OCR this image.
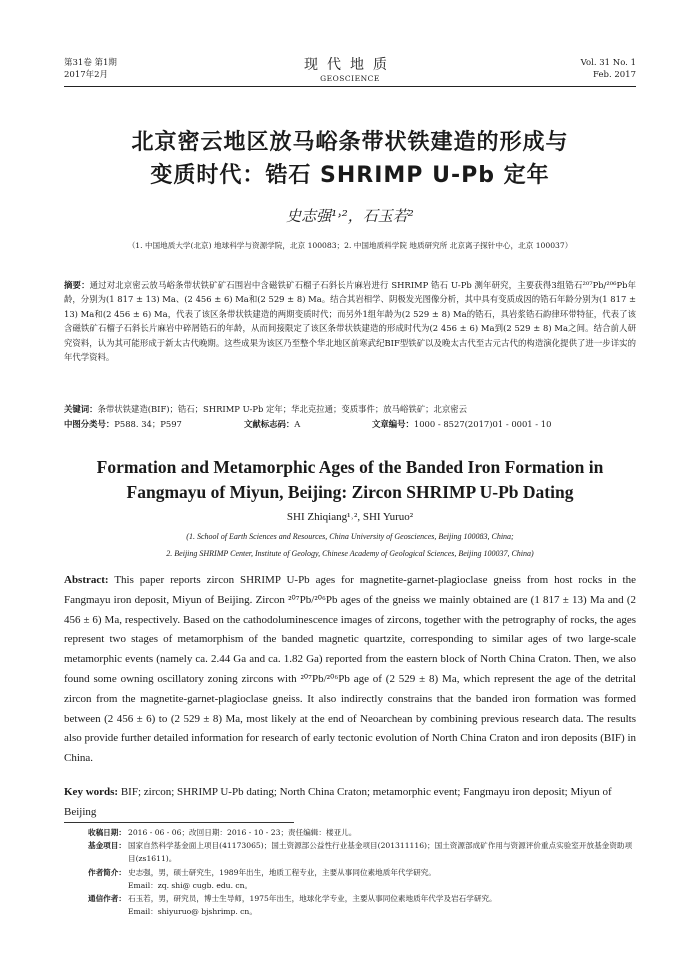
第31卷 第1期
2017年2月
现代地质
GEOSCIENCE
Vol. 31 No. 1
Feb. 2017
北京密云地区放马峪条带状铁建造的形成与
变质时代：锆石 SHRIMP U-Pb 定年
史志强¹˒²，石玉若²
（1. 中国地质大学(北京) 地球科学与资源学院，北京 100083；2. 中国地质科学院 地质研究所 北京离子探针中心，北京 100037）
摘要：通过对北京密云放马峪条带状铁矿矿石围岩中含磁铁矿石榴子石斜长片麻岩进行 SHRIMP 锆石 U-Pb 测年研究，主要获得3组锆石²⁰⁷Pb/²⁰⁶Pb年龄，分别为(1 817 ± 13) Ma、(2 456 ± 6) Ma和(2 529 ± 8) Ma。结合其岩相学、阴极发光图像分析，其中具有变质成因的锆石年龄分别为(1 817 ± 13) Ma和(2 456 ± 6) Ma，代表了该区条带状铁建造的两期变质时代；而另外1组年龄为(2 529 ± 8) Ma的锆石，具岩浆锆石韵律环带特征，代表了该含磁铁矿石榴子石斜长片麻岩中碎屑锆石的年龄，从而间接限定了该区条带状铁建造的形成时代为(2 456 ± 6) Ma到(2 529 ± 8) Ma之间。结合前人研究资料，认为其可能形成于新太古代晚期。这些成果为该区乃至整个华北地区前寒武纪BIF型铁矿以及晚太古代至古元古代的构造演化提供了进一步详实的年代学资料。
关键词：条带状铁建造(BIF)；锆石；SHRIMP U-Pb 定年；华北克拉通；变质事件；放马峪铁矿；北京密云
中图分类号：P588. 34；P597	文献标志码：A	文章编号：1000 - 8527(2017)01 - 0001 - 10
Formation and Metamorphic Ages of the Banded Iron Formation in
Fangmayu of Miyun, Beijing: Zircon SHRIMP U-Pb Dating
SHI Zhiqiang¹˒², SHI Yuruo²
(1. School of Earth Sciences and Resources, China University of Geosciences, Beijing 100083, China;
2. Beijing SHRIMP Center, Institute of Geology, Chinese Academy of Geological Sciences, Beijing 100037, China)
Abstract: This paper reports zircon SHRIMP U-Pb ages for magnetite-garnet-plagioclase gneiss from host rocks in the Fangmayu iron deposit, Miyun of Beijing. Zircon ²⁰⁷Pb/²⁰⁶Pb ages of the gneiss we mainly obtained are (1 817 ± 13) Ma and (2 456 ± 6) Ma, respectively. Based on the cathodoluminescence images of zircons, together with the petrography of rocks, the ages represent two stages of metamorphism of the banded magnetic quartzite, corresponding to similar ages of two large-scale metamorphic events (namely ca. 2.44 Ga and ca. 1.82 Ga) reported from the eastern block of North China Craton. Then, we also found some owning oscillatory zoning zircons with ²⁰⁷Pb/²⁰⁶Pb age of (2 529 ± 8) Ma, which represent the age of the detrital zircon from the magnetite-garnet-plagioclase gneiss. It also indirectly constrains that the banded iron formation was formed between (2 456 ± 6) to (2 529 ± 8) Ma, most likely at the end of Neoarchean by combining previous research data. The results also provide further detailed information for research of early tectonic evolution of North China Craton and iron deposits (BIF) in China.
Key words: BIF; zircon; SHRIMP U-Pb dating; North China Craton; metamorphic event; Fangmayu iron deposit; Miyun of Beijing
收稿日期： 2016 - 06 - 06；改回日期：2016 - 10 - 23；责任编辑：楼亚儿。
基金项目： 国家自然科学基金面上项目(41173065)；国土资源部公益性行业基金项目(201311116)；国土资源部成矿作用与资源评价重点实验室开放基金资助项目(zs1611)。
作者简介： 史志强，男，硕士研究生，1989年出生，地质工程专业，主要从事同位素地质年代学研究。
Email：zq. shi@ cugb. edu. cn。
通信作者： 石玉若，男，研究员，博士生导师，1975年出生，地球化学专业，主要从事同位素地质年代学及岩石学研究。
Email：shiyuruo@ bjshrimp. cn。
